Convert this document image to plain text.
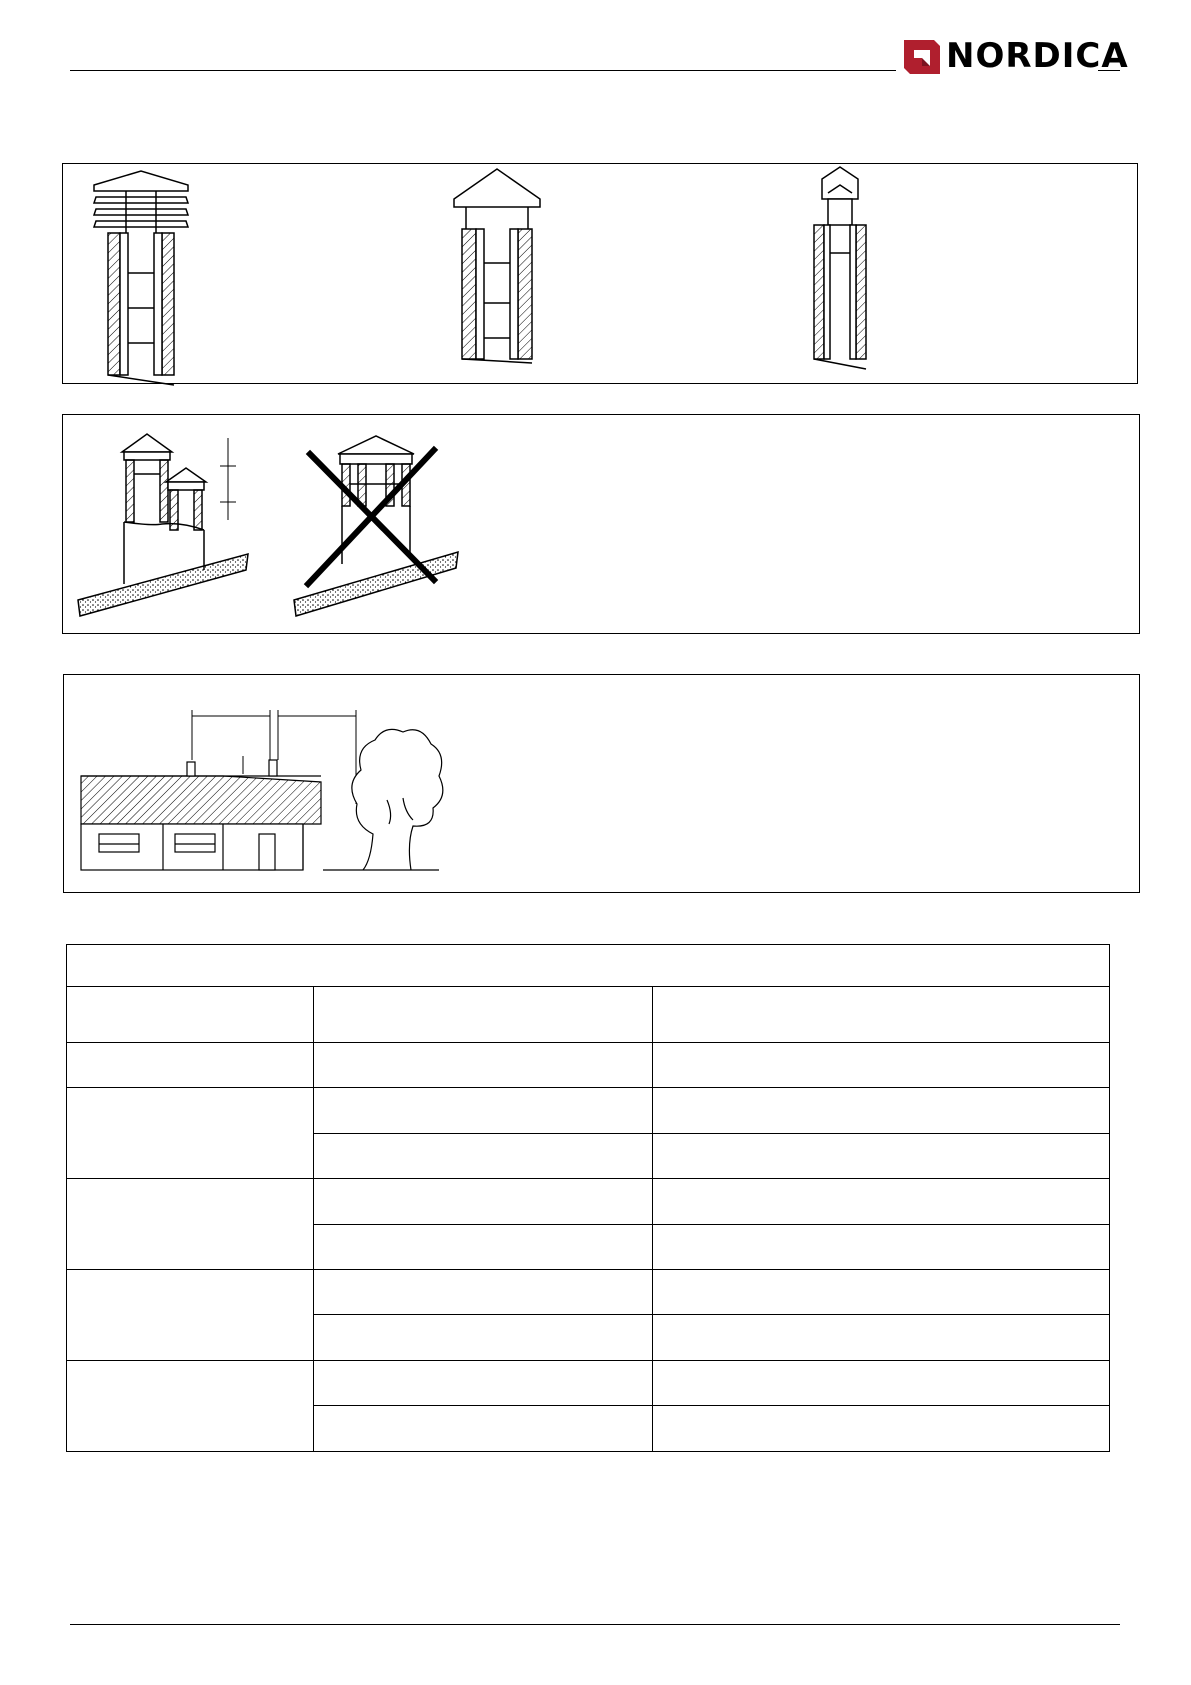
NORDICA
